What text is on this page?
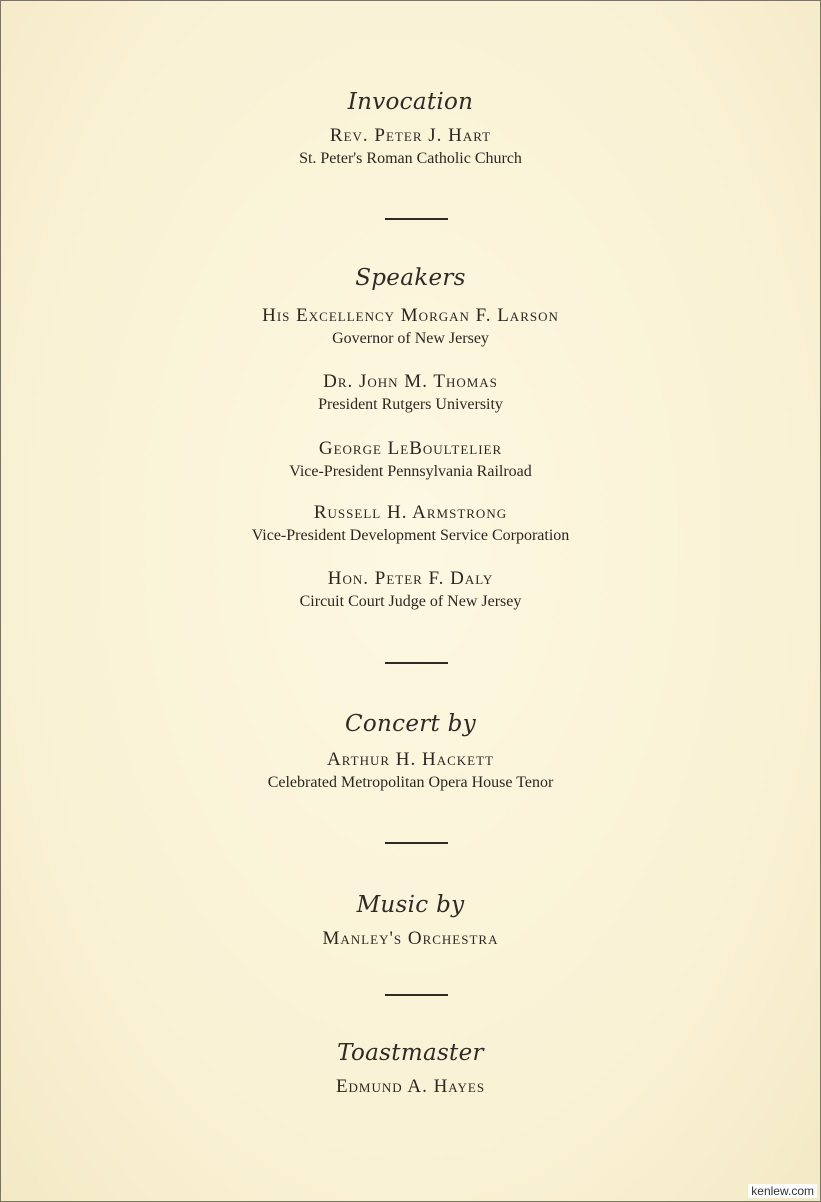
Invocation
Rev. Peter J. Hart
St. Peter's Roman Catholic Church
Speakers
His Excellency Morgan F. Larson
Governor of New Jersey
Dr. John M. Thomas
President Rutgers University
George LeBoultelier
Vice-President Pennsylvania Railroad
Russell H. Armstrong
Vice-President Development Service Corporation
Hon. Peter F. Daly
Circuit Court Judge of New Jersey
Concert by
Arthur H. Hackett
Celebrated Metropolitan Opera House Tenor
Music by
Manley's Orchestra
Toastmaster
Edmund A. Hayes
kenlew.com
